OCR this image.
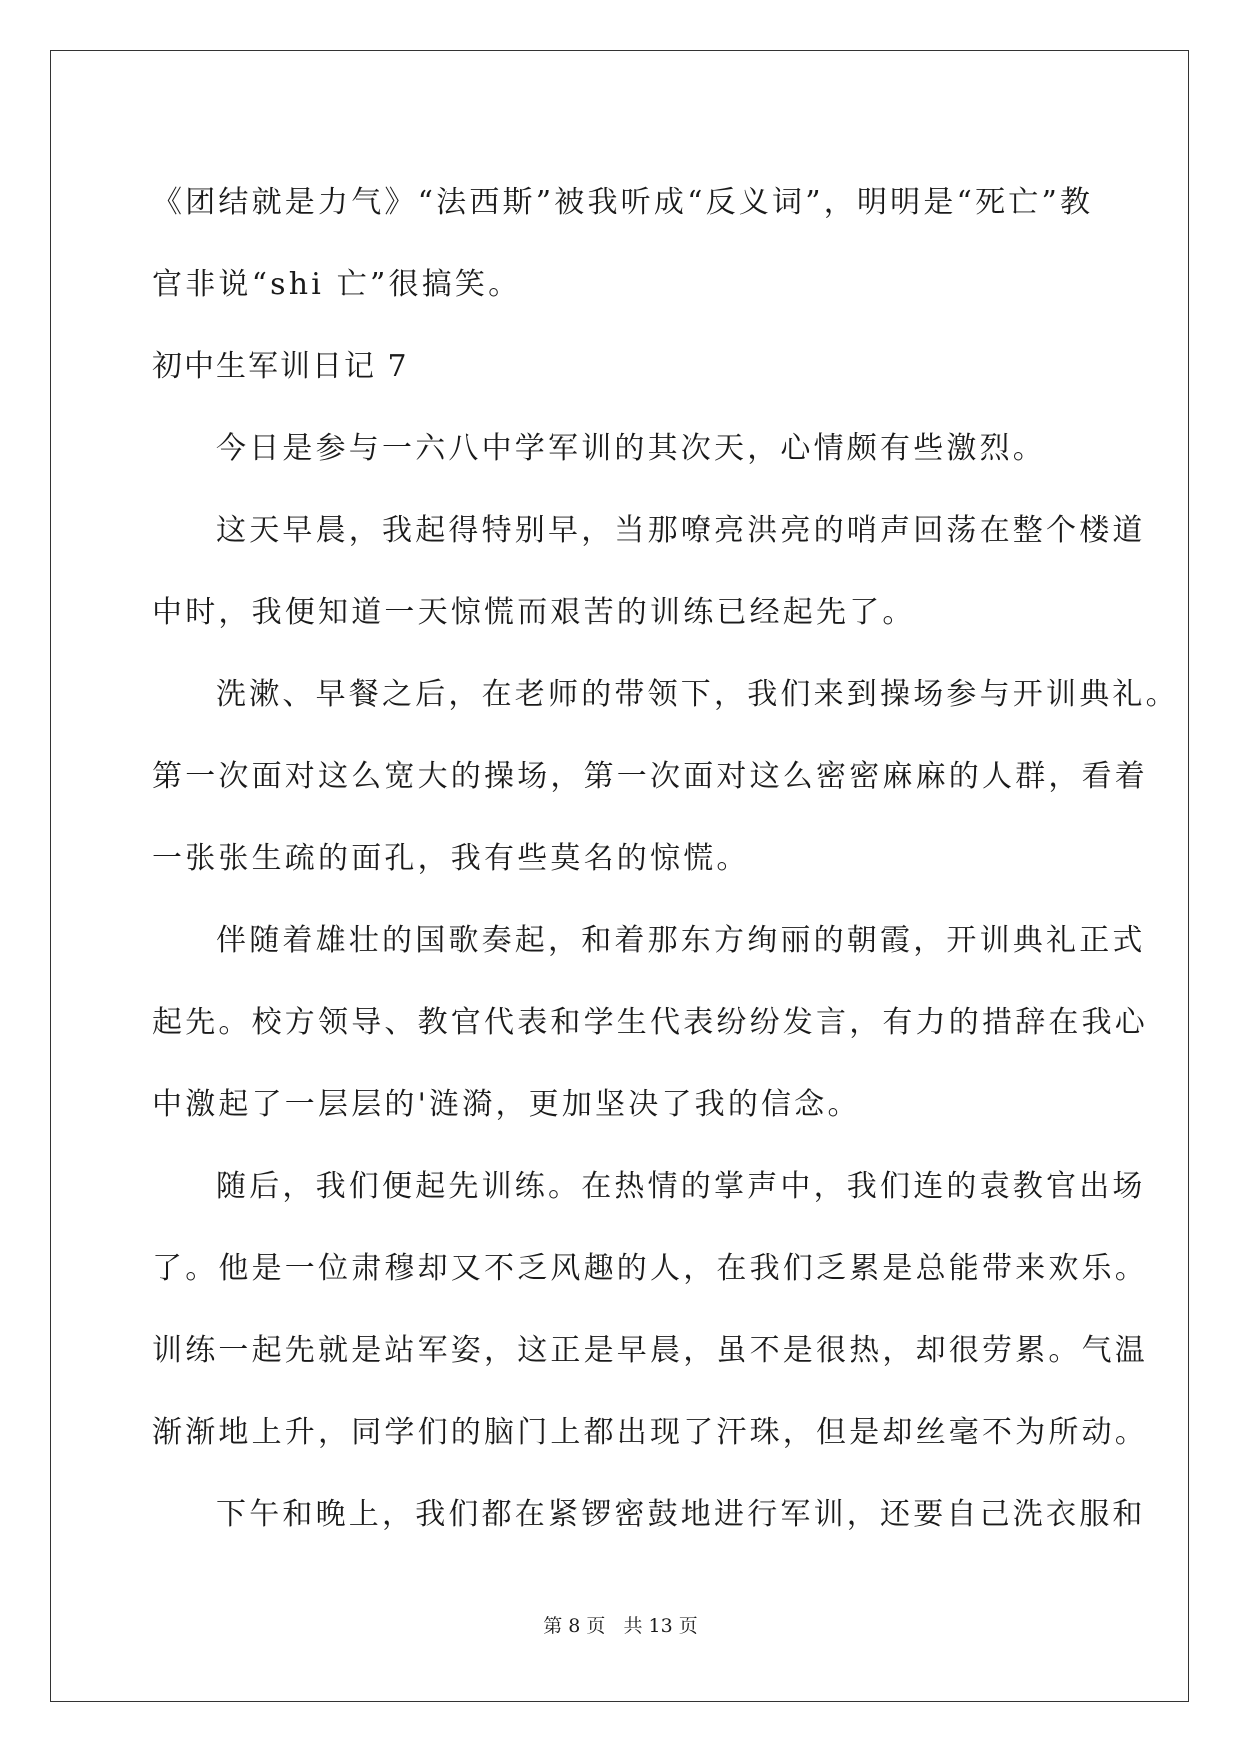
《团结就是力气》“法西斯”被我听成“反义词”，明明是“死亡”教
官非说“shi 亡”很搞笑。
初中生军训日记 7
今日是参与一六八中学军训的其次天，心情颇有些激烈。
这天早晨，我起得特别早，当那嘹亮洪亮的哨声回荡在整个楼道
中时，我便知道一天惊慌而艰苦的训练已经起先了。
洗漱、早餐之后，在老师的带领下，我们来到操场参与开训典礼。
第一次面对这么宽大的操场，第一次面对这么密密麻麻的人群，看着
一张张生疏的面孔，我有些莫名的惊慌。
伴随着雄壮的国歌奏起，和着那东方绚丽的朝霞，开训典礼正式
起先。校方领导、教官代表和学生代表纷纷发言，有力的措辞在我心
中激起了一层层的'涟漪，更加坚决了我的信念。
随后，我们便起先训练。在热情的掌声中，我们连的袁教官出场
了。他是一位肃穆却又不乏风趣的人，在我们乏累是总能带来欢乐。
训练一起先就是站军姿，这正是早晨，虽不是很热，却很劳累。气温
渐渐地上升，同学们的脑门上都出现了汗珠，但是却丝毫不为所动。
下午和晚上，我们都在紧锣密鼓地进行军训，还要自己洗衣服和
第 8 页 共 13 页
